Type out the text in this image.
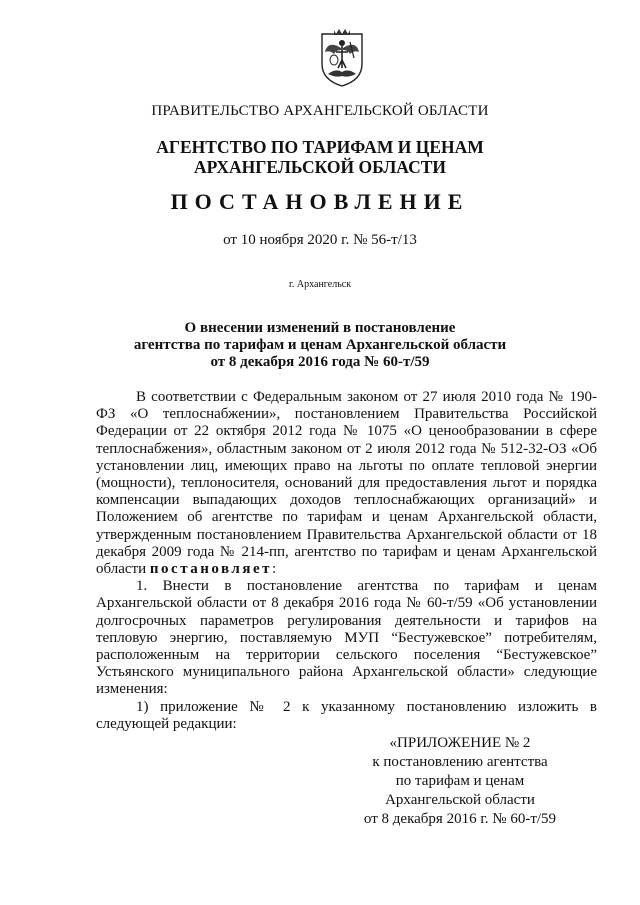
ПРАВИТЕЛЬСТВО АРХАНГЕЛЬСКОЙ ОБЛАСТИ
АГЕНТСТВО ПО ТАРИФАМ И ЦЕНАМ
АРХАНГЕЛЬСКОЙ ОБЛАСТИ
ПОСТАНОВЛЕНИЕ
от 10 ноября 2020 г. № 56-т/13
г. Архангельск
О внесении изменений в постановление
агентства по тарифам и ценам Архангельской области
от 8 декабря 2016 года № 60-т/59

В соответствии с Федеральным законом от 27 июля 2010 года № 190-ФЗ «О теплоснабжении», постановлением Правительства Российской Федерации от 22 октября 2012 года № 1075 «О ценообразовании в сфере теплоснабжения», областным законом от 2 июля 2012 года № 512-32-ОЗ «Об установлении лиц, имеющих право на льготы по оплате тепловой энергии (мощности), теплоносителя, оснований для предоставления льгот и порядка компенсации выпадающих доходов теплоснабжающих организаций» и Положением об агентстве по тарифам и ценам Архангельской области, утвержденным постановлением Правительства Архангельской области от 18 декабря 2009 года № 214-пп, агентство по тарифам и ценам Архангельской области постановляет:

1. Внести в постановление агентства по тарифам и ценам Архангельской области от 8 декабря 2016 года № 60-т/59 «Об установлении долгосрочных параметров регулирования деятельности и тарифов на тепловую энергию, поставляемую МУП “Бестужевское” потребителям, расположенным на территории сельского поселения “Бестужевское” Устьянского муниципального района Архангельской области» следующие изменения:

1) приложение № 2 к указанному постановлению изложить в следующей редакции:

«ПРИЛОЖЕНИЕ № 2
к постановлению агентства
по тарифам и ценам
Архангельской области
от 8 декабря 2016 г. № 60-т/59
